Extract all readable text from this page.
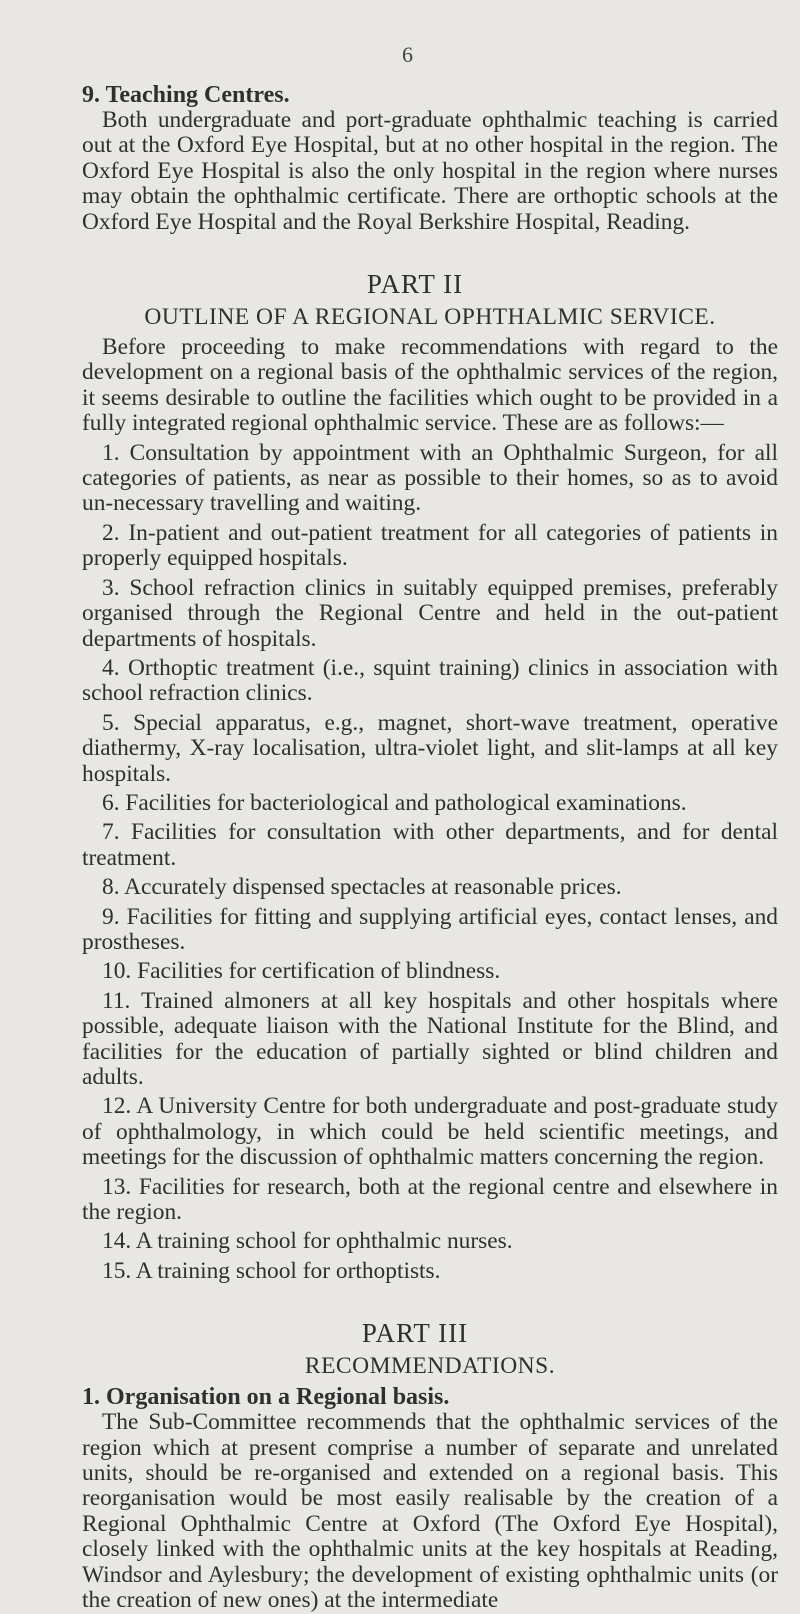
6

9. Teaching Centres.

Both undergraduate and port-graduate ophthalmic teaching is carried out at the Oxford Eye Hospital, but at no other hospital in the region. The Oxford Eye Hospital is also the only hospital in the region where nurses may obtain the ophthalmic certificate. There are orthoptic schools at the Oxford Eye Hospital and the Royal Berkshire Hospital, Reading.

PART II
OUTLINE OF A REGIONAL OPHTHALMIC SERVICE.

Before proceeding to make recommendations with regard to the development on a regional basis of the ophthalmic services of the region, it seems desirable to outline the facilities which ought to be provided in a fully integrated regional ophthalmic service. These are as follows:—

1. Consultation by appointment with an Ophthalmic Surgeon, for all categories of patients, as near as possible to their homes, so as to avoid un-necessary travelling and waiting.

2. In-patient and out-patient treatment for all categories of patients in properly equipped hospitals.

3. School refraction clinics in suitably equipped premises, preferably organised through the Regional Centre and held in the out-patient departments of hospitals.

4. Orthoptic treatment (i.e., squint training) clinics in association with school refraction clinics.

5. Special apparatus, e.g., magnet, short-wave treatment, operative diathermy, X-ray localisation, ultra-violet light, and slit-lamps at all key hospitals.

6. Facilities for bacteriological and pathological examinations.

7. Facilities for consultation with other departments, and for dental treatment.

8. Accurately dispensed spectacles at reasonable prices.

9. Facilities for fitting and supplying artificial eyes, contact lenses, and prostheses.

10. Facilities for certification of blindness.

11. Trained almoners at all key hospitals and other hospitals where possible, adequate liaison with the National Institute for the Blind, and facilities for the education of partially sighted or blind children and adults.

12. A University Centre for both undergraduate and post-graduate study of ophthalmology, in which could be held scientific meetings, and meetings for the discussion of ophthalmic matters concerning the region.

13. Facilities for research, both at the regional centre and elsewhere in the region.

14. A training school for ophthalmic nurses.

15. A training school for orthoptists.

PART III
RECOMMENDATIONS.

1. Organisation on a Regional basis.

The Sub-Committee recommends that the ophthalmic services of the region which at present comprise a number of separate and unrelated units, should be re-organised and extended on a regional basis. This reorganisation would be most easily realisable by the creation of a Regional Ophthalmic Centre at Oxford (The Oxford Eye Hospital), closely linked with the ophthalmic units at the key hospitals at Reading, Windsor and Aylesbury; the development of existing ophthalmic units (or the creation of new ones) at the intermediate
